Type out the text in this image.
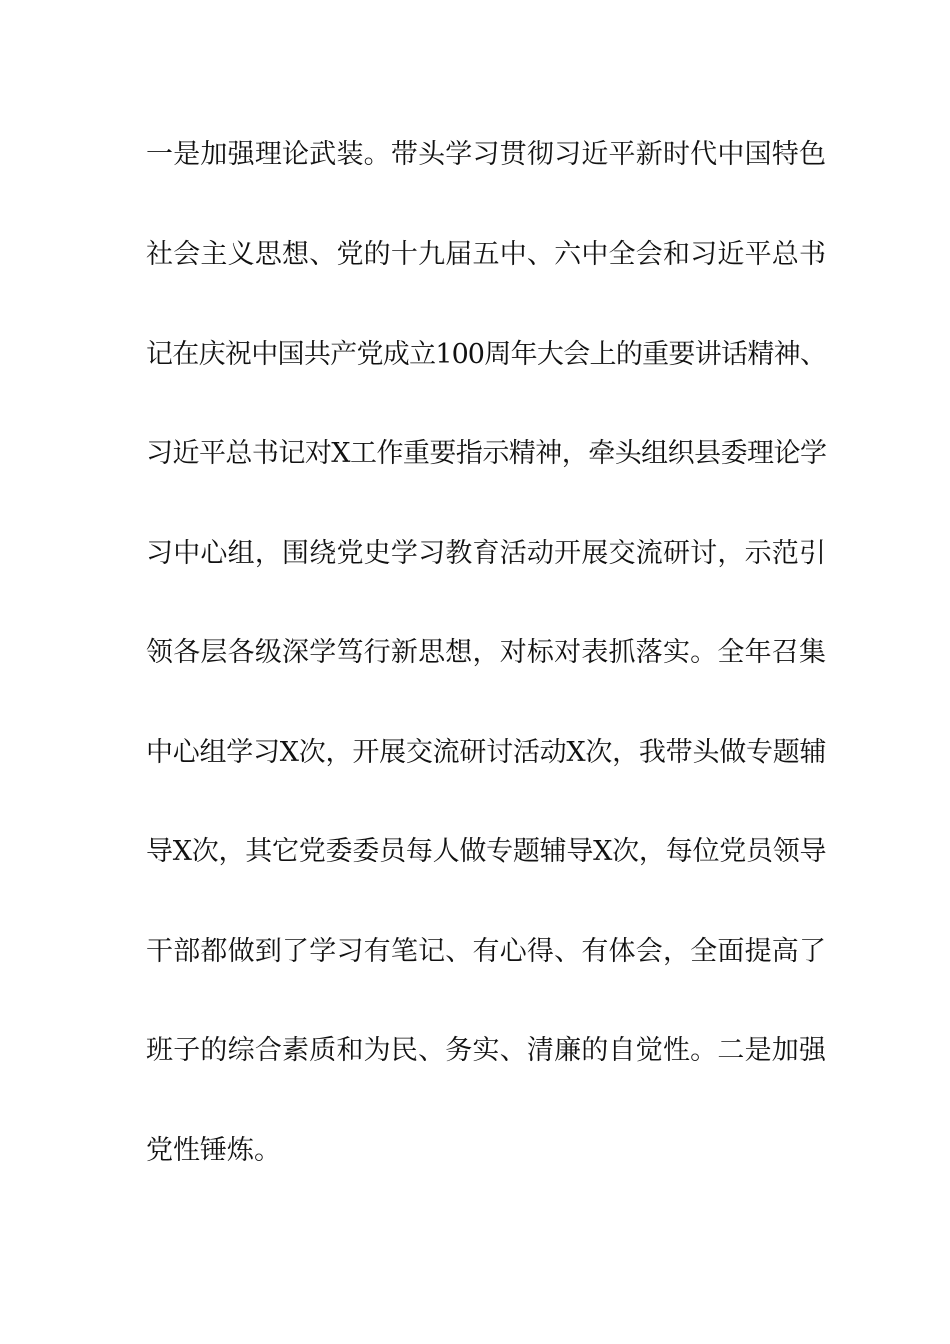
一是加强理论武装。带头学习贯彻习近平新时代中国特色
社会主义思想、党的十九届五中、六中全会和习近平总书
记在庆祝中国共产党成立100周年大会上的重要讲话精神、
习近平总书记对X工作重要指示精神，牵头组织县委理论学
习中心组，围绕党史学习教育活动开展交流研讨，示范引
领各层各级深学笃行新思想，对标对表抓落实。全年召集
中心组学习X次，开展交流研讨活动X次，我带头做专题辅
导X次，其它党委委员每人做专题辅导X次，每位党员领导
干部都做到了学习有笔记、有心得、有体会，全面提高了
班子的综合素质和为民、务实、清廉的自觉性。二是加强
党性锤炼。
